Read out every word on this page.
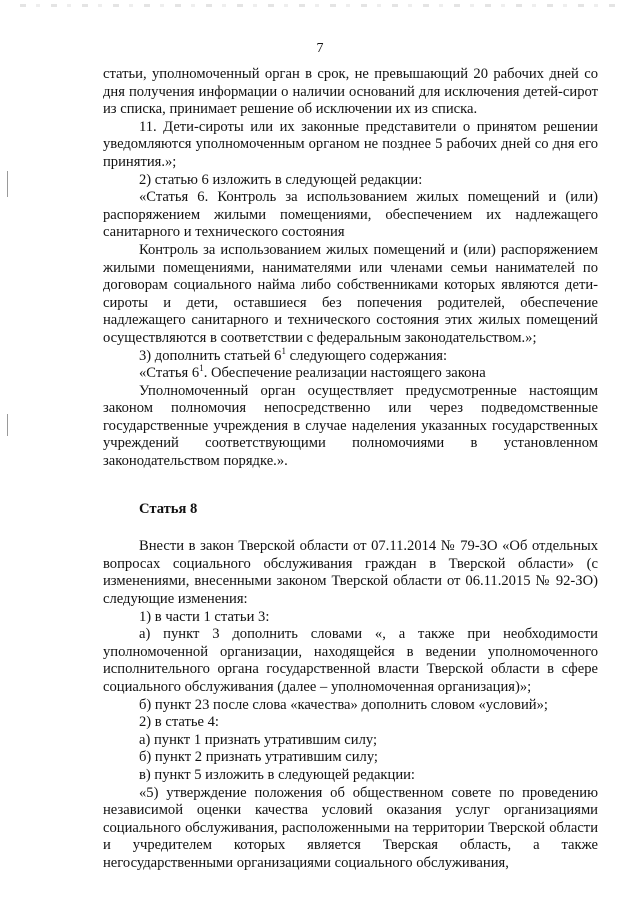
7

статьи, уполномоченный орган в срок, не превышающий 20 рабочих дней со дня получения информации о наличии оснований для исключения детей-сирот из списка, принимает решение об исключении их из списка.

11. Дети-сироты или их законные представители о принятом решении уведомляются уполномоченным органом не позднее 5 рабочих дней со дня его принятия.»;

2) статью 6 изложить в следующей редакции:

«Статья 6. Контроль за использованием жилых помещений и (или) распоряжением жилыми помещениями, обеспечением их надлежащего санитарного и технического состояния

Контроль за использованием жилых помещений и (или) распоряжением жилыми помещениями, нанимателями или членами семьи нанимателей по договорам социального найма либо собственниками которых являются дети-сироты и дети, оставшиеся без попечения родителей, обеспечение надлежащего санитарного и технического состояния этих жилых помещений осуществляются в соответствии с федеральным законодательством.»;

3) дополнить статьей $6^1$ следующего содержания:

«Статья $6^1$. Обеспечение реализации настоящего закона

Уполномоченный орган осуществляет предусмотренные настоящим законом полномочия непосредственно или через подведомственные государственные учреждения в случае наделения указанных государственных учреждений соответствующими полномочиями в установленном законодательством порядке.».

Статья 8

Внести в закон Тверской области от 07.11.2014 № 79-ЗО «Об отдельных вопросах социального обслуживания граждан в Тверской области» (с изменениями, внесенными законом Тверской области от 06.11.2015 № 92-ЗО) следующие изменения:

1) в части 1 статьи 3:

а) пункт 3 дополнить словами «, а также при необходимости уполномоченной организации, находящейся в ведении уполномоченного исполнительного органа государственной власти Тверской области в сфере социального обслуживания (далее – уполномоченная организация)»;

б) пункт 23 после слова «качества» дополнить словом «условий»;

2) в статье 4:

а) пункт 1 признать утратившим силу;

б) пункт 2 признать утратившим силу;

в) пункт 5 изложить в следующей редакции:

«5) утверждение положения об общественном совете по проведению независимой оценки качества условий оказания услуг организациями социального обслуживания, расположенными на территории Тверской области и учредителем которых является Тверская область, а также негосударственными организациями социального обслуживания,
